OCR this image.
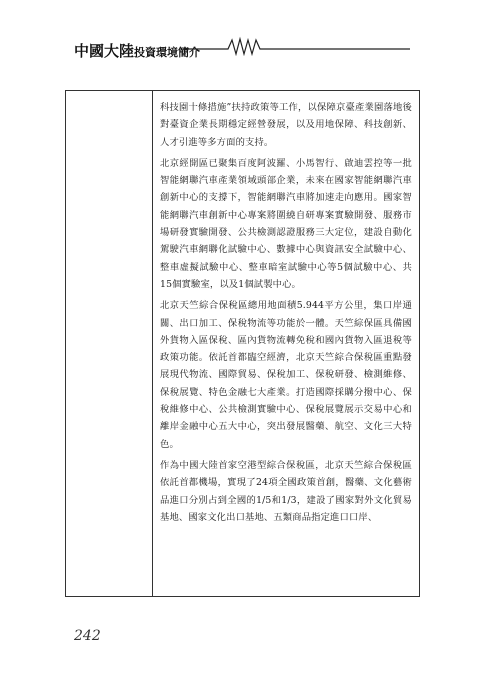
中國大陸投資環境簡介

科技園十條措施”扶持政策等工作，以保障京臺產業園落地後對臺資企業長期穩定經營發展，以及用地保障、科技創新、人才引進等多方面的支持。

北京經開區已聚集百度阿波羅、小馬智行、啟迪雲控等一批智能網聯汽車產業領域頭部企業，未來在國家智能網聯汽車創新中心的支撐下，智能網聯汽車將加速走向應用。國家智能網聯汽車創新中心專案將圍繞自研專案實驗開發、服務市場研發實驗開發、公共檢測認證服務三大定位，建設自動化駕駛汽車網聯化試驗中心、數據中心與資訊安全試驗中心、整車虛擬試驗中心、整車暗室試驗中心等5個試驗中心、共15個實驗室，以及1個試製中心。

北京天竺綜合保稅區總用地面積5.944平方公里，集口岸通關、出口加工、保稅物流等功能於一體。天竺綜保區具備國外貨物入區保稅、區內貨物流轉免稅和國內貨物入區退稅等政策功能。依託首都臨空經濟，北京天竺綜合保稅區重點發展現代物流、國際貿易、保稅加工、保稅研發、檢測維修、保稅展覽、特色金融七大產業。打造國際採購分撥中心、保稅維修中心、公共檢測實驗中心、保稅展覽展示交易中心和離岸金融中心五大中心，突出發展醫藥、航空、文化三大特色。

作為中國大陸首家空港型綜合保稅區，北京天竺綜合保稅區依託首都機場，實現了24項全國政策首創，醫藥、文化藝術品進口分別占到全國的1/5和1/3，建設了國家對外文化貿易基地、國家文化出口基地、五類商品指定進口口岸、

242
